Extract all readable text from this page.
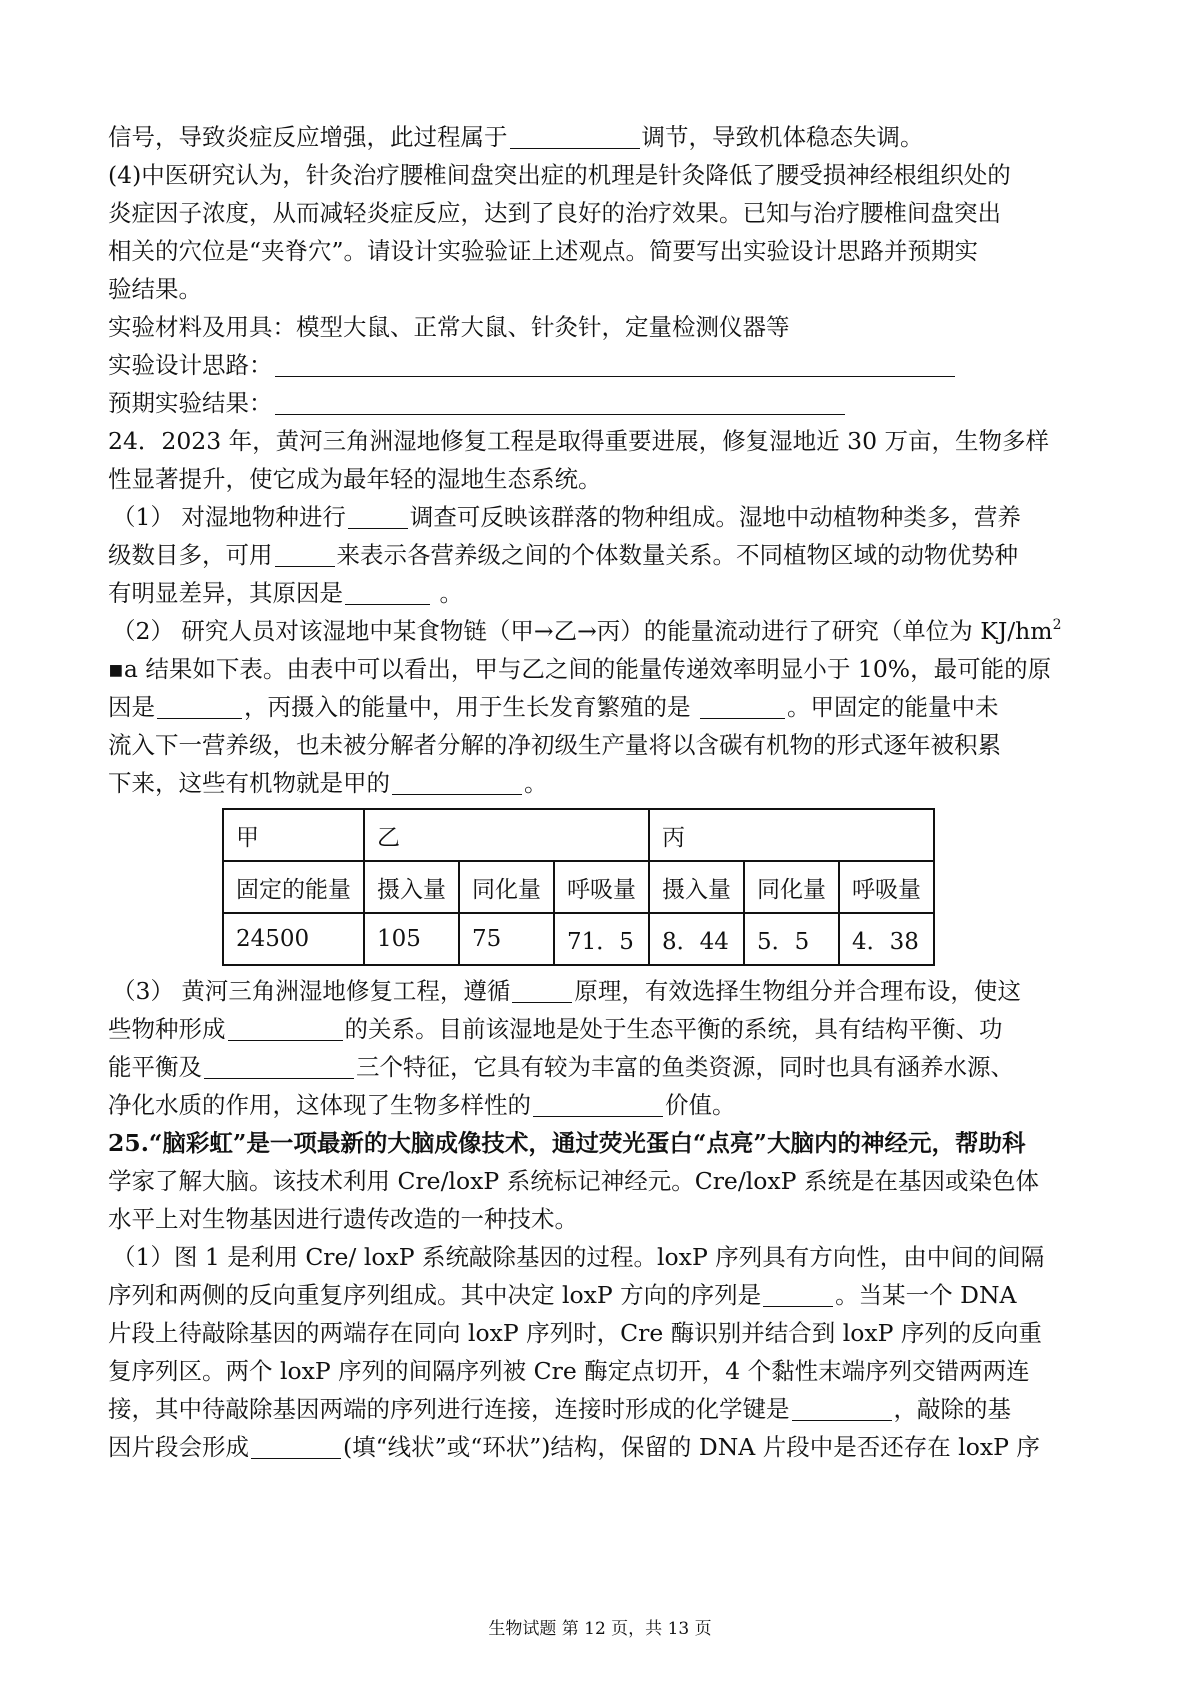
信号，导致炎症反应增强，此过程属于	调节，导致机体稳态失调。
(4)中医研究认为，针灸治疗腰椎间盘突出症的机理是针灸降低了腰受损神经根组织处的
炎症因子浓度，从而减轻炎症反应，达到了良好的治疗效果。已知与治疗腰椎间盘突出
相关的穴位是“夹脊穴”。请设计实验验证上述观点。简要写出实验设计思路并预期实
验结果。
实验材料及用具：模型大鼠、正常大鼠、针灸针，定量检测仪器等
实验设计思路：
预期实验结果：
24．2023 年，黄河三角洲湿地修复工程是取得重要进展，修复湿地近 30 万亩，生物多样
性显著提升，使它成为最年轻的湿地生态系统。
（1） 对湿地物种进行	调查可反映该群落的物种组成。湿地中动植物种类多，营养
级数目多，可用	来表示各营养级之间的个体数量关系。不同植物区域的动物优势种
有明显差异，其原因是	。
（2） 研究人员对该湿地中某食物链（甲→乙→丙）的能量流动进行了研究（单位为 $KJ/hm^2$
▪a 结果如下表。由表中可以看出，甲与乙之间的能量传递效率明显小于 10%，最可能的原
因是	，丙摄入的能量中，用于生长发育繁殖的是	。甲固定的能量中未
流入下一营养级，也未被分解者分解的净初级生产量将以含碳有机物的形式逐年被积累
下来，这些有机物就是甲的	。
甲	乙			丙		
固定的能量	摄入量	同化量	呼吸量	摄入量	同化量	呼吸量
24500	105	75	71．5	8．44	5．5	4．38
（3） 黄河三角洲湿地修复工程，遵循	原理，有效选择生物组分并合理布设，使这
些物种形成	的关系。目前该湿地是处于生态平衡的系统，具有结构平衡、功
能平衡及	三个特征，它具有较为丰富的鱼类资源，同时也具有涵养水源、
净化水质的作用，这体现了生物多样性的	价值。
25.“脑彩虹”是一项最新的大脑成像技术，通过荧光蛋白“点亮”大脑内的神经元，帮助科
学家了解大脑。该技术利用 Cre/loxP 系统标记神经元。Cre/loxP 系统是在基因或染色体
水平上对生物基因进行遗传改造的一种技术。
（1）图 1 是利用 Cre/ loxP 系统敲除基因的过程。loxP 序列具有方向性，由中间的间隔
序列和两侧的反向重复序列组成。其中决定 loxP 方向的序列是	。当某一个 DNA
片段上待敲除基因的两端存在同向 loxP 序列时，Cre 酶识别并结合到 loxP 序列的反向重
复序列区。两个 loxP 序列的间隔序列被 Cre 酶定点切开，4 个黏性末端序列交错两两连
接，其中待敲除基因两端的序列进行连接，连接时形成的化学键是	，敲除的基
因片段会形成	(填“线状”或“环状”)结构，保留的 DNA 片段中是否还存在 loxP 序
生物试题 第 12 页，共 13 页
